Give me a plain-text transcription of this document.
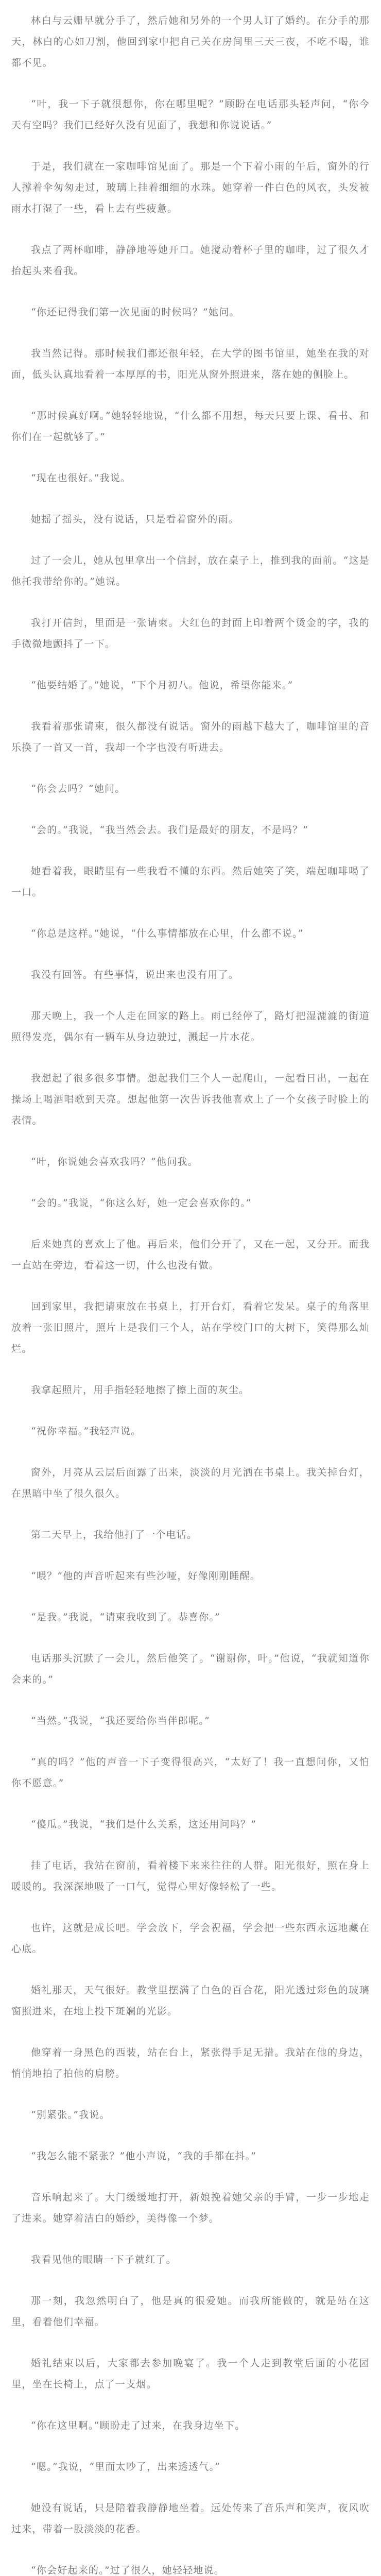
林白与云姗早就分手了，然后她和另外的一个男人订了婚约。在分手的那天，林白的心如刀割，他回到家中把自己关在房间里三天三夜，不吃不喝，谁都不见。

“叶，我一下子就很想你，你在哪里呢？”顾盼在电话那头轻声问，“你今天有空吗？我们已经好久没有见面了，我想和你说说话。”

于是，我们就在一家咖啡馆见面了。那是一个下着小雨的午后，窗外的行人撑着伞匆匆走过，玻璃上挂着细细的水珠。她穿着一件白色的风衣，头发被雨水打湿了一些，看上去有些疲惫。

我点了两杯咖啡，静静地等她开口。她搅动着杯子里的咖啡，过了很久才抬起头来看我。

“你还记得我们第一次见面的时候吗？”她问。

我当然记得。那时候我们都还很年轻，在大学的图书馆里，她坐在我的对面，低头认真地看着一本厚厚的书，阳光从窗外照进来，落在她的侧脸上。

“那时候真好啊。”她轻轻地说，“什么都不用想，每天只要上课、看书、和你们在一起就够了。”

“现在也很好。”我说。

她摇了摇头，没有说话，只是看着窗外的雨。

过了一会儿，她从包里拿出一个信封，放在桌子上，推到我的面前。“这是他托我带给你的。”她说。

我打开信封，里面是一张请柬。大红色的封面上印着两个烫金的字，我的手微微地颤抖了一下。

“他要结婚了。”她说，“下个月初八。他说，希望你能来。”

我看着那张请柬，很久都没有说话。窗外的雨越下越大了，咖啡馆里的音乐换了一首又一首，我却一个字也没有听进去。

“你会去吗？”她问。

“会的。”我说，“我当然会去。我们是最好的朋友，不是吗？”

她看着我，眼睛里有一些我看不懂的东西。然后她笑了笑，端起咖啡喝了一口。

“你总是这样。”她说，“什么事情都放在心里，什么都不说。”

我没有回答。有些事情，说出来也没有用了。

那天晚上，我一个人走在回家的路上。雨已经停了，路灯把湿漉漉的街道照得发亮，偶尔有一辆车从身边驶过，溅起一片水花。

我想起了很多很多事情。想起我们三个人一起爬山，一起看日出，一起在操场上喝酒唱歌到天亮。想起他第一次告诉我他喜欢上了一个女孩子时脸上的表情。

“叶，你说她会喜欢我吗？”他问我。

“会的。”我说，“你这么好，她一定会喜欢你的。”

后来她真的喜欢上了他。再后来，他们分开了，又在一起，又分开。而我一直站在旁边，看着这一切，什么也没有做。

回到家里，我把请柬放在书桌上，打开台灯，看着它发呆。桌子的角落里放着一张旧照片，照片上是我们三个人，站在学校门口的大树下，笑得那么灿烂。

我拿起照片，用手指轻轻地擦了擦上面的灰尘。

“祝你幸福。”我轻声说。

窗外，月亮从云层后面露了出来，淡淡的月光洒在书桌上。我关掉台灯，在黑暗中坐了很久很久。

第二天早上，我给他打了一个电话。

“喂？”他的声音听起来有些沙哑，好像刚刚睡醒。

“是我。”我说，“请柬我收到了。恭喜你。”

电话那头沉默了一会儿，然后他笑了。“谢谢你，叶。”他说，“我就知道你会来的。”

“当然。”我说，“我还要给你当伴郎呢。”

“真的吗？”他的声音一下子变得很高兴，“太好了！我一直想问你，又怕你不愿意。”

“傻瓜。”我说，“我们是什么关系，这还用问吗？”

挂了电话，我站在窗前，看着楼下来来往往的人群。阳光很好，照在身上暖暖的。我深深地吸了一口气，觉得心里好像轻松了一些。

也许，这就是成长吧。学会放下，学会祝福，学会把一些东西永远地藏在心底。

婚礼那天，天气很好。教堂里摆满了白色的百合花，阳光透过彩色的玻璃窗照进来，在地上投下斑斓的光影。

他穿着一身黑色的西装，站在台上，紧张得手足无措。我站在他的身边，悄悄地拍了拍他的肩膀。

“别紧张。”我说。

“我怎么能不紧张？”他小声说，“我的手都在抖。”

音乐响起来了。大门缓缓地打开，新娘挽着她父亲的手臂，一步一步地走了进来。她穿着洁白的婚纱，美得像一个梦。

我看见他的眼睛一下子就红了。

那一刻，我忽然明白了，他是真的很爱她。而我所能做的，就是站在这里，看着他们幸福。

婚礼结束以后，大家都去参加晚宴了。我一个人走到教堂后面的小花园里，坐在长椅上，点了一支烟。

“你在这里啊。”顾盼走了过来，在我身边坐下。

“嗯。”我说，“里面太吵了，出来透透气。”

她没有说话，只是陪着我静静地坐着。远处传来了音乐声和笑声，夜风吹过来，带着一股淡淡的花香。

“你会好起来的。”过了很久，她轻轻地说。
